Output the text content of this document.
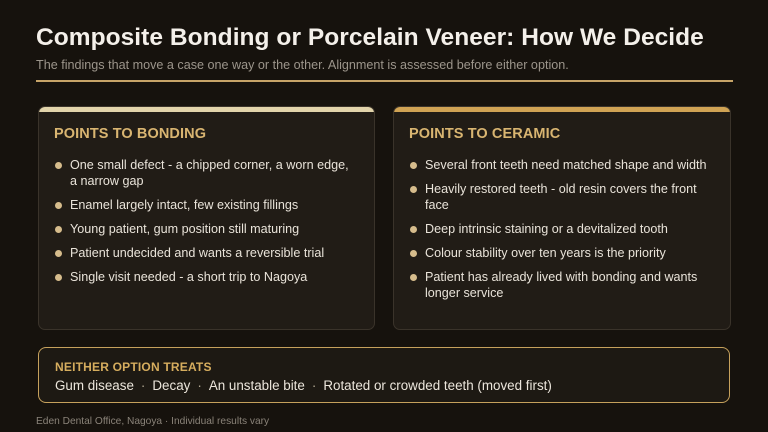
Composite Bonding or Porcelain Veneer: How We Decide
The findings that move a case one way or the other. Alignment is assessed before either option.
POINTS TO BONDING
One small defect - a chipped corner, a worn edge, a narrow gap
Enamel largely intact, few existing fillings
Young patient, gum position still maturing
Patient undecided and wants a reversible trial
Single visit needed - a short trip to Nagoya
POINTS TO CERAMIC
Several front teeth need matched shape and width
Heavily restored teeth - old resin covers the front face
Deep intrinsic staining or a devitalized tooth
Colour stability over ten years is the priority
Patient has already lived with bonding and wants longer service
NEITHER OPTION TREATS
Gum disease · Decay · An unstable bite · Rotated or crowded teeth (moved first)
Eden Dental Office, Nagoya · Individual results vary
